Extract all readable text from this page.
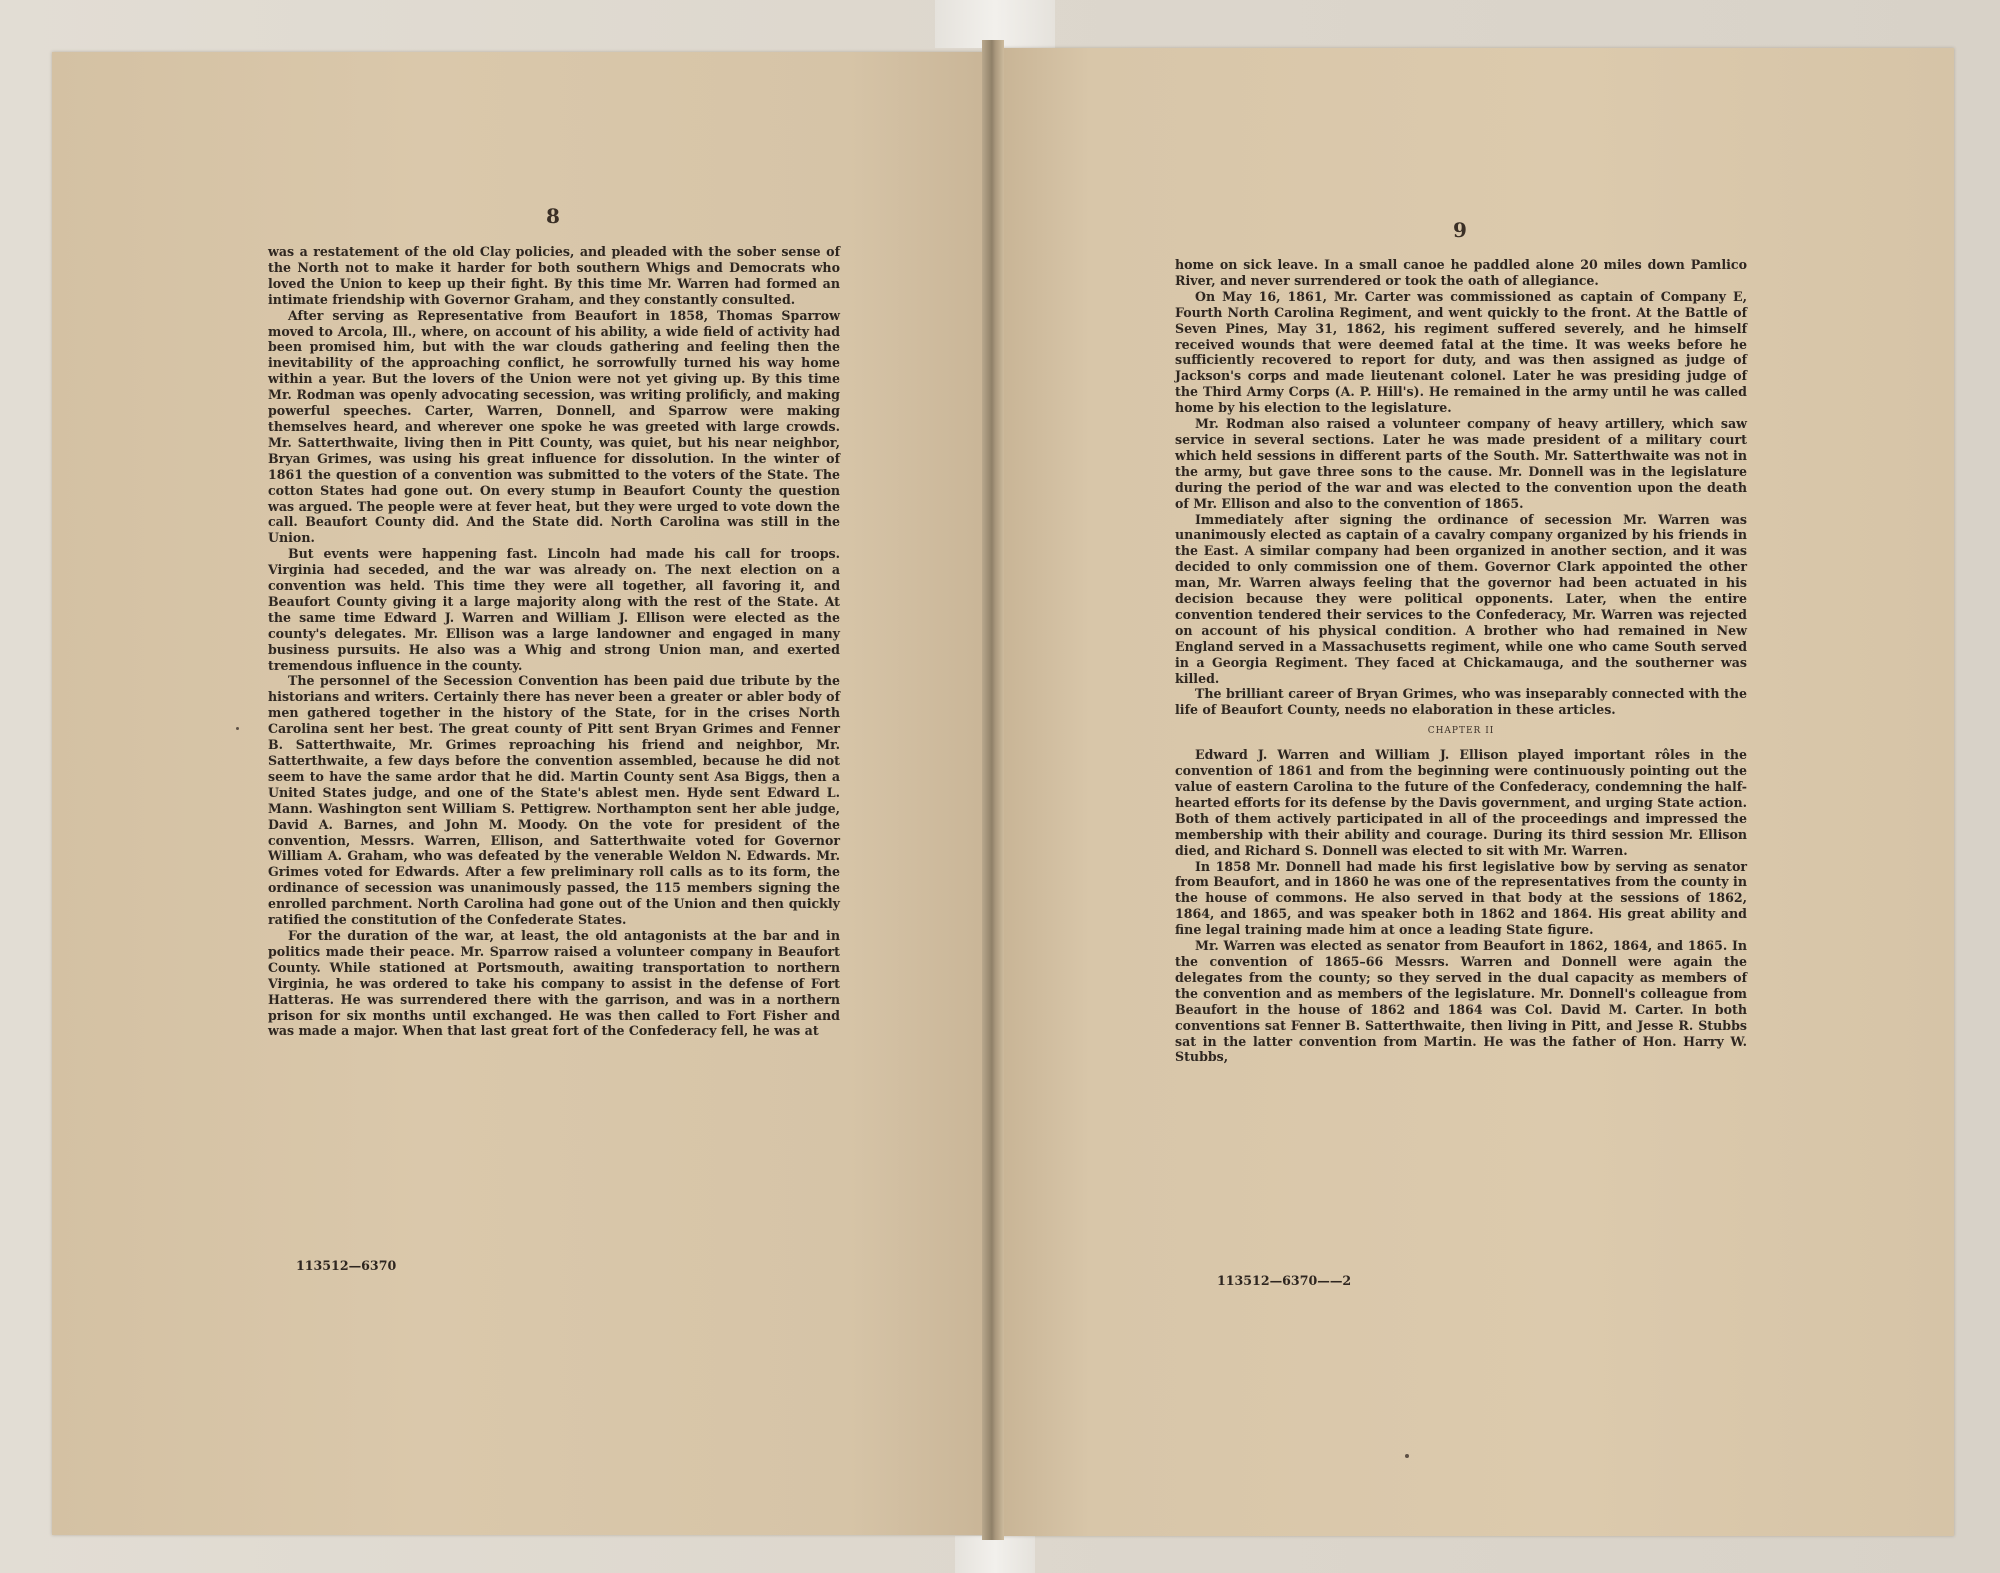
8
9

was a restatement of the old Clay policies, and pleaded with the sober sense of the North not to make it harder for both southern Whigs and Democrats who loved the Union to keep up their fight. By this time Mr. Warren had formed an intimate friendship with Governor Graham, and they constantly consulted.

After serving as Representative from Beaufort in 1858, Thomas Sparrow moved to Arcola, Ill., where, on account of his ability, a wide field of activity had been promised him, but with the war clouds gathering and feeling then the inevitability of the approaching conflict, he sorrowfully turned his way home within a year. But the lovers of the Union were not yet giving up. By this time Mr. Rodman was openly advocating secession, was writing prolificly, and making powerful speeches. Carter, Warren, Donnell, and Sparrow were making themselves heard, and wherever one spoke he was greeted with large crowds. Mr. Satterthwaite, living then in Pitt County, was quiet, but his near neighbor, Bryan Grimes, was using his great influence for dissolution. In the winter of 1861 the question of a convention was submitted to the voters of the State. The cotton States had gone out. On every stump in Beaufort County the question was argued. The people were at fever heat, but they were urged to vote down the call. Beaufort County did. And the State did. North Carolina was still in the Union.

But events were happening fast. Lincoln had made his call for troops. Virginia had seceded, and the war was already on. The next election on a convention was held. This time they were all together, all favoring it, and Beaufort County giving it a large majority along with the rest of the State. At the same time Edward J. Warren and William J. Ellison were elected as the county's delegates. Mr. Ellison was a large landowner and engaged in many business pursuits. He also was a Whig and strong Union man, and exerted tremendous influence in the county.

The personnel of the Secession Convention has been paid due tribute by the historians and writers. Certainly there has never been a greater or abler body of men gathered together in the history of the State, for in the crises North Carolina sent her best. The great county of Pitt sent Bryan Grimes and Fenner B. Satterthwaite, Mr. Grimes reproaching his friend and neighbor, Mr. Satterthwaite, a few days before the convention assembled, because he did not seem to have the same ardor that he did. Martin County sent Asa Biggs, then a United States judge, and one of the State's ablest men. Hyde sent Edward L. Mann. Washington sent William S. Pettigrew. Northampton sent her able judge, David A. Barnes, and John M. Moody. On the vote for president of the convention, Messrs. Warren, Ellison, and Satterthwaite voted for Governor William A. Graham, who was defeated by the venerable Weldon N. Edwards. Mr. Grimes voted for Edwards. After a few preliminary roll calls as to its form, the ordinance of secession was unanimously passed, the 115 members signing the enrolled parchment. North Carolina had gone out of the Union and then quickly ratified the constitution of the Confederate States.

For the duration of the war, at least, the old antagonists at the bar and in politics made their peace. Mr. Sparrow raised a volunteer company in Beaufort County. While stationed at Portsmouth, awaiting transportation to northern Virginia, he was ordered to take his company to assist in the defense of Fort Hatteras. He was surrendered there with the garrison, and was in a northern prison for six months until exchanged. He was then called to Fort Fisher and was made a major. When that last great fort of the Confederacy fell, he was at

113512—6370

home on sick leave. In a small canoe he paddled alone 20 miles down Pamlico River, and never surrendered or took the oath of allegiance.

On May 16, 1861, Mr. Carter was commissioned as captain of Company E, Fourth North Carolina Regiment, and went quickly to the front. At the Battle of Seven Pines, May 31, 1862, his regiment suffered severely, and he himself received wounds that were deemed fatal at the time. It was weeks before he sufficiently recovered to report for duty, and was then assigned as judge of Jackson's corps and made lieutenant colonel. Later he was presiding judge of the Third Army Corps (A. P. Hill's). He remained in the army until he was called home by his election to the legislature.

Mr. Rodman also raised a volunteer company of heavy artillery, which saw service in several sections. Later he was made president of a military court which held sessions in different parts of the South. Mr. Satterthwaite was not in the army, but gave three sons to the cause. Mr. Donnell was in the legislature during the period of the war and was elected to the convention upon the death of Mr. Ellison and also to the convention of 1865.

Immediately after signing the ordinance of secession Mr. Warren was unanimously elected as captain of a cavalry company organized by his friends in the East. A similar company had been organized in another section, and it was decided to only commission one of them. Governor Clark appointed the other man, Mr. Warren always feeling that the governor had been actuated in his decision because they were political opponents. Later, when the entire convention tendered their services to the Confederacy, Mr. Warren was rejected on account of his physical condition. A brother who had remained in New England served in a Massachusetts regiment, while one who came South served in a Georgia Regiment. They faced at Chickamauga, and the southerner was killed.

The brilliant career of Bryan Grimes, who was inseparably connected with the life of Beaufort County, needs no elaboration in these articles.

CHAPTER II

Edward J. Warren and William J. Ellison played important rôles in the convention of 1861 and from the beginning were continuously pointing out the value of eastern Carolina to the future of the Confederacy, condemning the half-hearted efforts for its defense by the Davis government, and urging State action. Both of them actively participated in all of the proceedings and impressed the membership with their ability and courage. During its third session Mr. Ellison died, and Richard S. Donnell was elected to sit with Mr. Warren.

In 1858 Mr. Donnell had made his first legislative bow by serving as senator from Beaufort, and in 1860 he was one of the representatives from the county in the house of commons. He also served in that body at the sessions of 1862, 1864, and 1865, and was speaker both in 1862 and 1864. His great ability and fine legal training made him at once a leading State figure.

Mr. Warren was elected as senator from Beaufort in 1862, 1864, and 1865. In the convention of 1865–66 Messrs. Warren and Donnell were again the delegates from the county; so they served in the dual capacity as members of the convention and as members of the legislature. Mr. Donnell's colleague from Beaufort in the house of 1862 and 1864 was Col. David M. Carter. In both conventions sat Fenner B. Satterthwaite, then living in Pitt, and Jesse R. Stubbs sat in the latter convention from Martin. He was the father of Hon. Harry W. Stubbs,

113512—6370——2
